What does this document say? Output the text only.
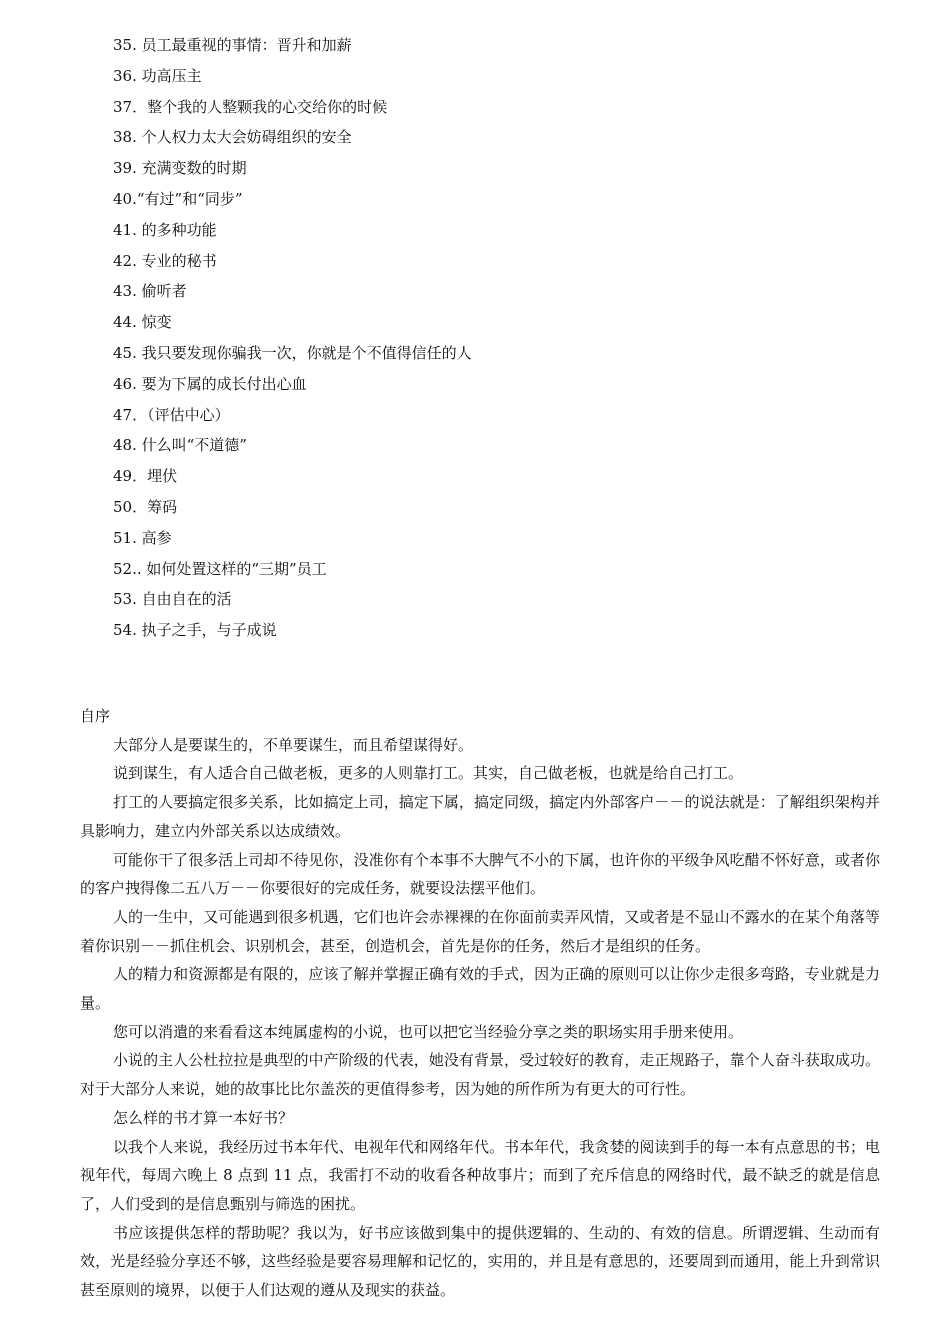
35. 员工最重视的事情：晋升和加薪
36. 功高压主
37．整个我的人整颗我的心交给你的时候
38. 个人权力太大会妨碍组织的安全
39. 充满变数的时期
40.“有过”和“同步”
41. 的多种功能
42. 专业的秘书
43. 偷听者
44. 惊变
45. 我只要发现你骗我一次，你就是个不值得信任的人
46. 要为下属的成长付出心血
47．（评估中心）
48. 什么叫“不道德”
49．埋伏
50．筹码
51. 高参
52.. 如何处置这样的“三期”员工
53. 自由自在的活
54. 执子之手，与子成说
自序

大部分人是要谋生的，不单要谋生，而且希望谋得好。

说到谋生，有人适合自己做老板，更多的人则靠打工。其实，自己做老板，也就是给自己打工。

打工的人要搞定很多关系，比如搞定上司，搞定下属，搞定同级，搞定内外部客户－－的说法就是：了解组织架构并具影响力，建立内外部关系以达成绩效。

可能你干了很多活上司却不待见你，没准你有个本事不大脾气不小的下属，也许你的平级争风吃醋不怀好意，或者你的客户拽得像二五八万－－你要很好的完成任务，就要设法摆平他们。

人的一生中，又可能遇到很多机遇，它们也许会赤裸裸的在你面前卖弄风情，又或者是不显山不露水的在某个角落等着你识别－－抓住机会、识别机会，甚至，创造机会，首先是你的任务，然后才是组织的任务。

人的精力和资源都是有限的，应该了解并掌握正确有效的手式，因为正确的原则可以让你少走很多弯路，专业就是力量。

您可以消遣的来看看这本纯属虚构的小说，也可以把它当经验分享之类的职场实用手册来使用。

小说的主人公杜拉拉是典型的中产阶级的代表，她没有背景，受过较好的教育，走正规路子，靠个人奋斗获取成功。对于大部分人来说，她的故事比比尔盖茨的更值得参考，因为她的所作所为有更大的可行性。

怎么样的书才算一本好书？

以我个人来说，我经历过书本年代、电视年代和网络年代。书本年代，我贪婪的阅读到手的每一本有点意思的书；电视年代，每周六晚上 8 点到 11 点，我雷打不动的收看各种故事片；而到了充斥信息的网络时代，最不缺乏的就是信息了，人们受到的是信息甄别与筛选的困扰。

书应该提供怎样的帮助呢？我以为，好书应该做到集中的提供逻辑的、生动的、有效的信息。所谓逻辑、生动而有效，光是经验分享还不够，这些经验是要容易理解和记忆的，实用的，并且是有意思的，还要周到而通用，能上升到常识甚至原则的境界，以便于人们达观的遵从及现实的获益。
